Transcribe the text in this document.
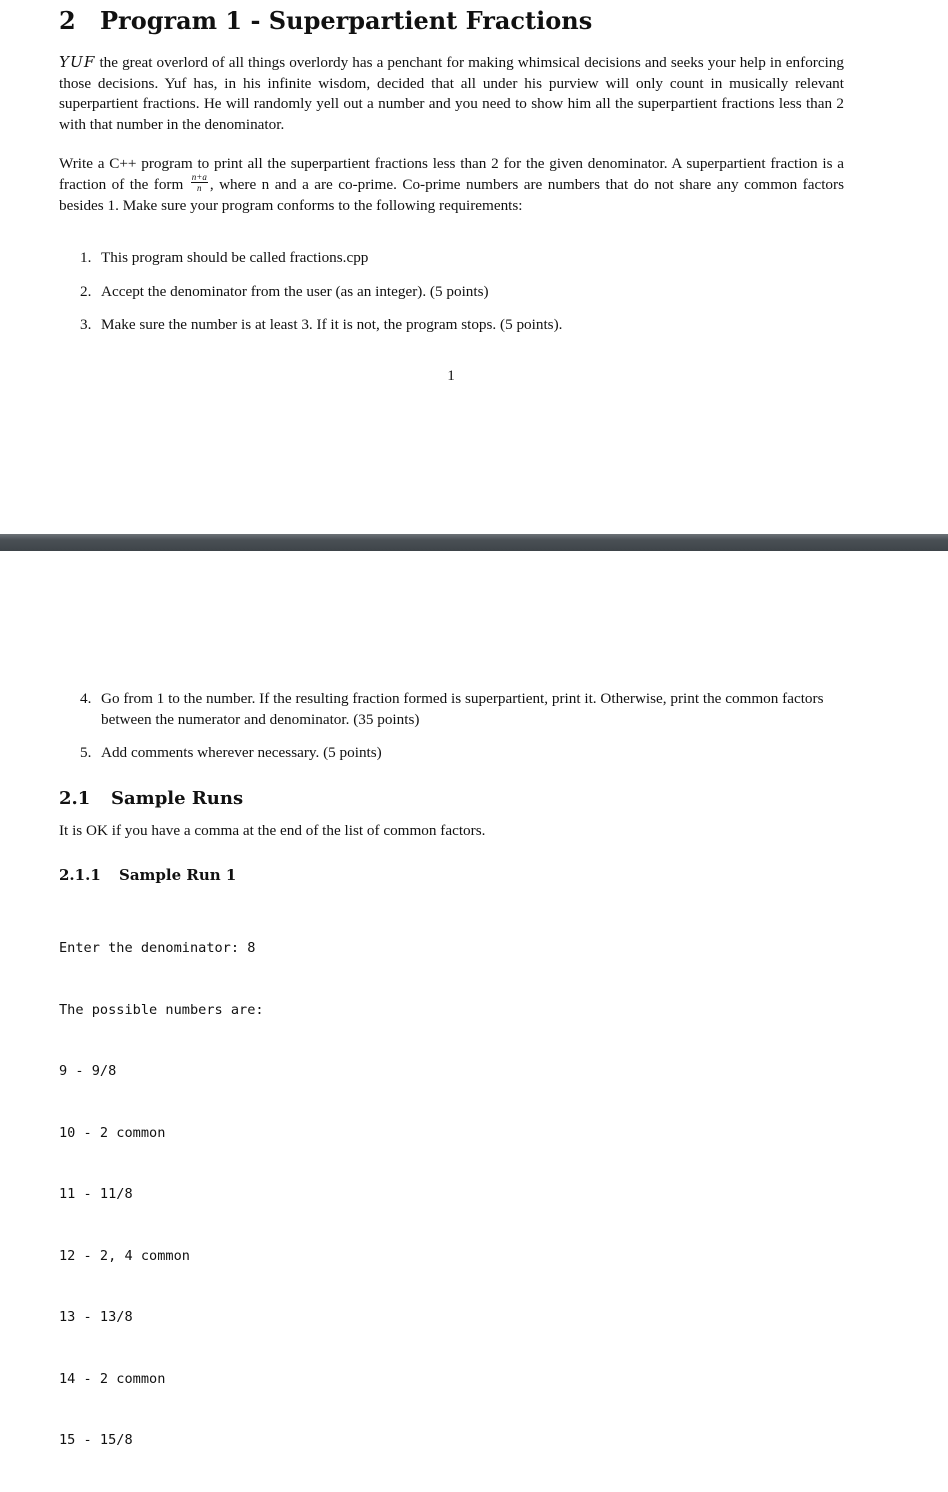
2 Program 1 - Superpartient Fractions

YUF the great overlord of all things overlordy has a penchant for making whimsical decisions and seeks your help in enforcing those decisions. Yuf has, in his infinite wisdom, decided that all under his purview will only count in musically relevant superpartient fractions. He will randomly yell out a number and you need to show him all the superpartient fractions less than 2 with that number in the denominator.

Write a C++ program to print all the superpartient fractions less than 2 for the given denominator. A superpartient fraction is a fraction of the form $\frac{n+a}{n}$ , where n and a are co-prime. Co-prime numbers are numbers that do not share any common factors besides 1. Make sure your program conforms to the following requirements:

1. This program should be called fractions.cpp
2. Accept the denominator from the user (as an integer). (5 points)
3. Make sure the number is at least 3. If it is not, the program stops. (5 points).
1
4. Go from 1 to the number. If the resulting fraction formed is superpartient, print it. Otherwise, print the common factors between the numerator and denominator. (35 points)
5. Add comments wherever necessary. (5 points)
2.1 Sample Runs

It is OK if you have a comma at the end of the list of common factors.

2.1.1 Sample Run 1

Enter the denominator: 8

The possible numbers are:

9 - 9/8

10 - 2 common

11 - 11/8

12 - 2, 4 common

13 - 13/8

14 - 2 common

15 - 15/8
